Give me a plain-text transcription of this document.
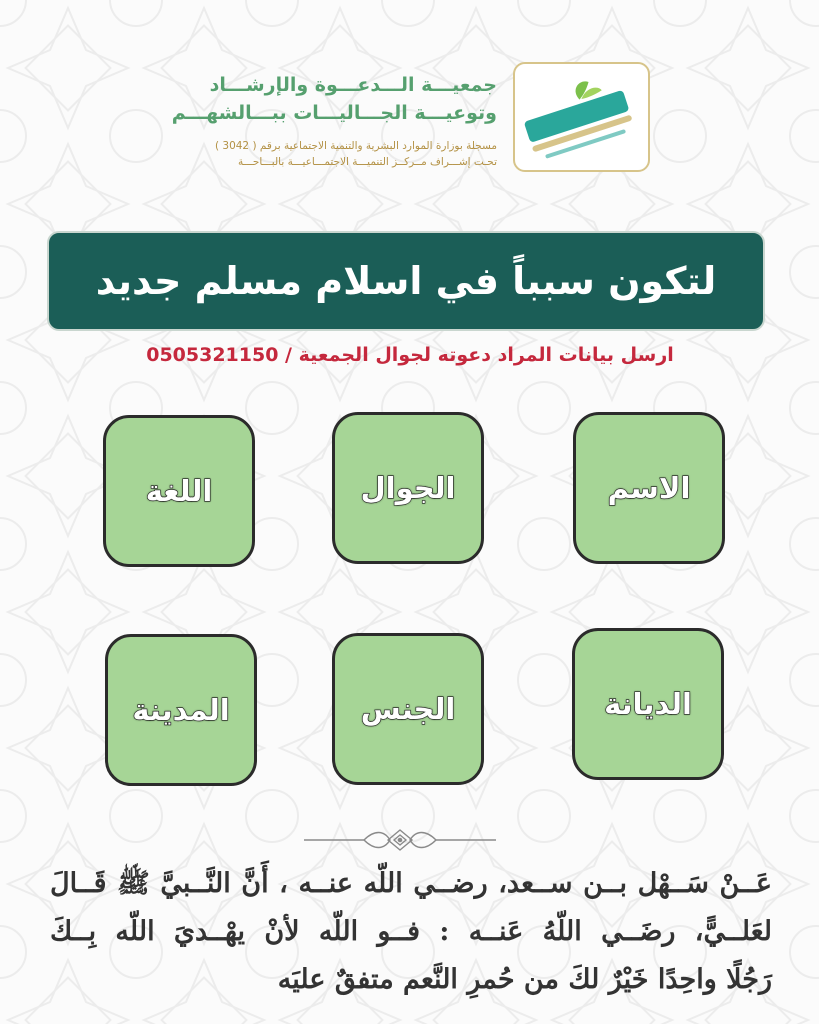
جمعيـــة الـــدعـــوة والإرشـــاد
وتوعيـــة الجـــاليـــات ببـــالشهـــم
مسجلة بوزارة الموارد البشرية والتنمية الاجتماعية برقم ( 3042 )
تحـت إشـــراف مــركــز التنميـــة الاجتمـــاعيـــة بالبـــاحـــة
لتكون سبباً في اسلام مسلم جديد
ارسل بيانات المراد دعوته لجوال الجمعية / 0505321150
الاسم
الجوال
اللغة
الديانة
الجنس
المدينة
عَــنْ سَــهْل بــن ســعد، رضــي اللّه عنــه ، أَنَّ النَّــبيَّ ﷺ قَــالَ
لعَلــيًّ، رضَــي اللّهُ عَنــه : فــو اللّه لأنْ يهْــديَ اللّه بِــكَ
رَجُلًا واحِدًا خَيْرٌ لكَ من حُمرِ النَّعم متفقٌ عليَه
